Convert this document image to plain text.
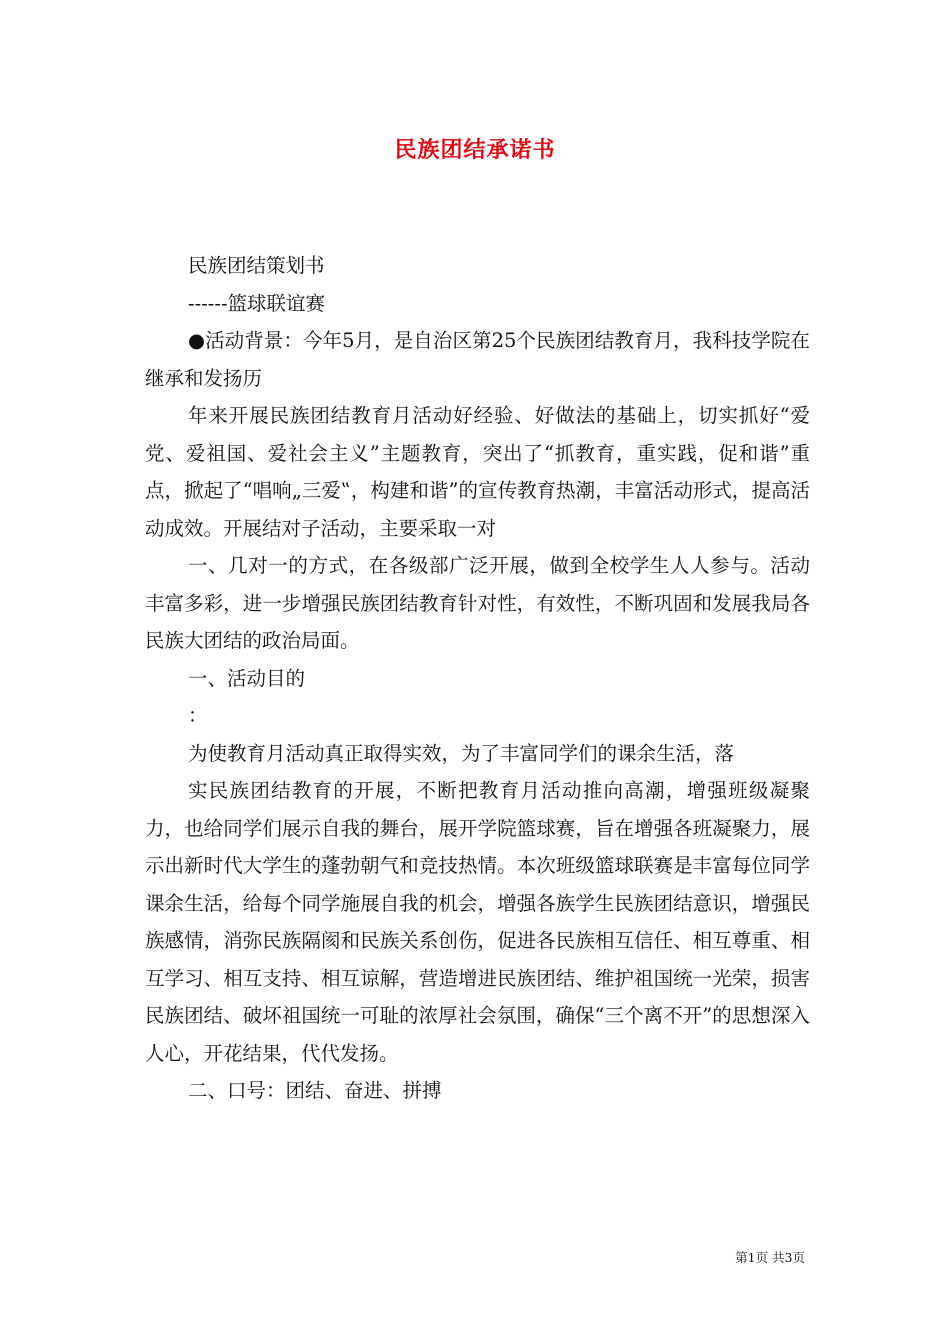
民族团结承诺书

民族团结策划书

------篮球联谊赛

●活动背景：今年5月，是自治区第25个民族团结教育月，我科技学院在继承和发扬历

年来开展民族团结教育月活动好经验、好做法的基础上，切实抓好“爱党、爱祖国、爱社会主义”主题教育，突出了“抓教育，重实践，促和谐”重点，掀起了“唱响„三爱‟，构建和谐”的宣传教育热潮，丰富活动形式，提高活动成效。开展结对子活动，主要采取一对

一、几对一的方式，在各级部广泛开展，做到全校学生人人参与。活动丰富多彩，进一步增强民族团结教育针对性，有效性，不断巩固和发展我局各民族大团结的政治局面。

一、活动目的

：

为使教育月活动真正取得实效，为了丰富同学们的课余生活，落

实民族团结教育的开展，不断把教育月活动推向高潮，增强班级凝聚力，也给同学们展示自我的舞台，展开学院篮球赛，旨在增强各班凝聚力，展示出新时代大学生的蓬勃朝气和竞技热情。本次班级篮球联赛是丰富每位同学课余生活，给每个同学施展自我的机会，增强各族学生民族团结意识，增强民族感情，消弥民族隔阂和民族关系创伤，促进各民族相互信任、相互尊重、相互学习、相互支持、相互谅解，营造增进民族团结、维护祖国统一光荣，损害民族团结、破坏祖国统一可耻的浓厚社会氛围，确保“三个离不开”的思想深入人心，开花结果，代代发扬。

二、口号：团结、奋进、拼搏

第1页 共3页
